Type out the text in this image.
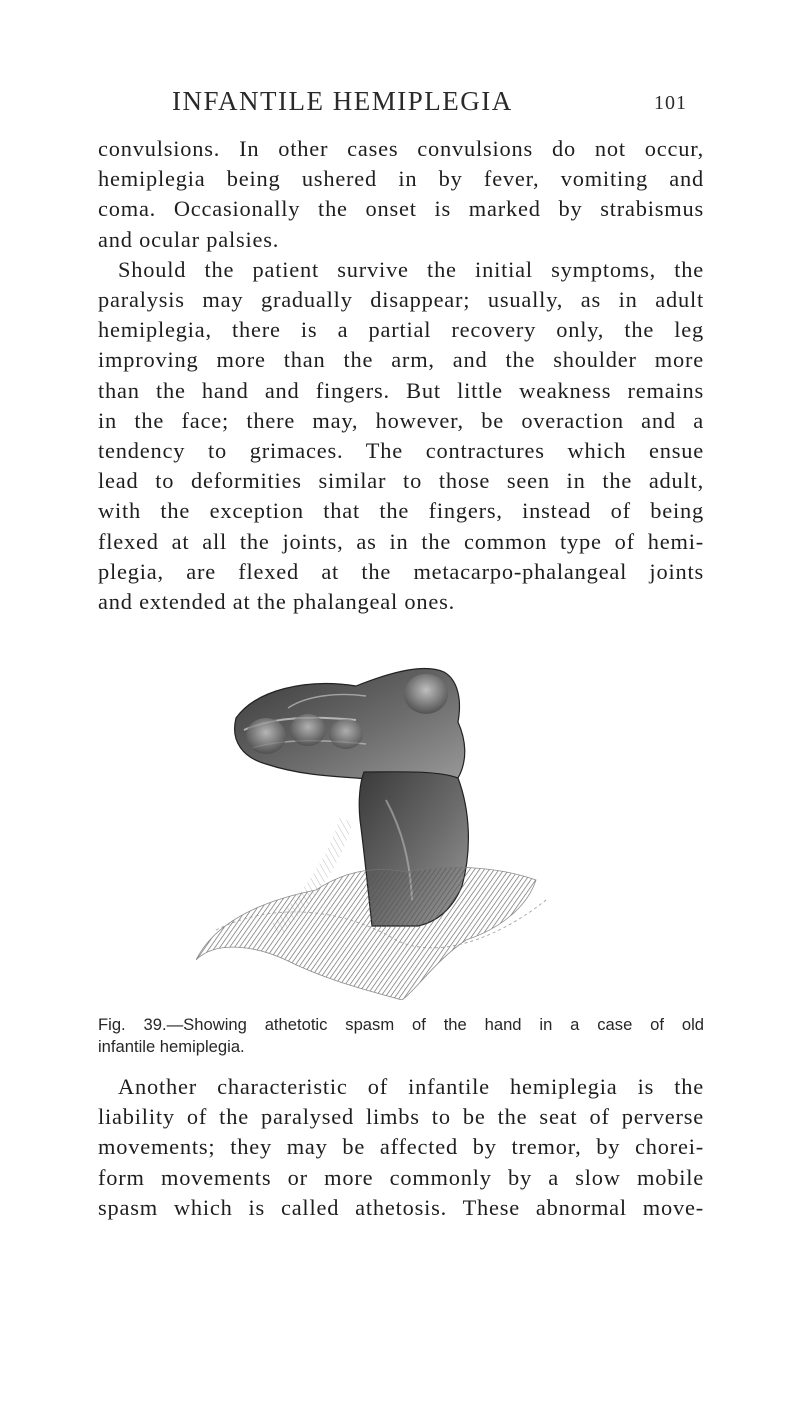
INFANTILE HEMIPLEGIA	101
convulsions. In other cases convulsions do not occur,
hemiplegia being ushered in by fever, vomiting and
coma. Occasionally the onset is marked by strabismus
and ocular palsies.
Should the patient survive the initial symptoms, the
paralysis may gradually disappear; usually, as in adult
hemiplegia, there is a partial recovery only, the leg
improving more than the arm, and the shoulder more
than the hand and fingers. But little weakness remains
in the face; there may, however, be overaction and a
tendency to grimaces. The contractures which ensue
lead to deformities similar to those seen in the adult,
with the exception that the fingers, instead of being
flexed at all the joints, as in the common type of hemi-
plegia, are flexed at the metacarpo-phalangeal joints
and extended at the phalangeal ones.
Fig. 39.—Showing athetotic spasm of the hand in a case of old
infantile hemiplegia.
Another characteristic of infantile hemiplegia is the
liability of the paralysed limbs to be the seat of perverse
movements; they may be affected by tremor, by chorei-
form movements or more commonly by a slow mobile
spasm which is called athetosis. These abnormal move-
